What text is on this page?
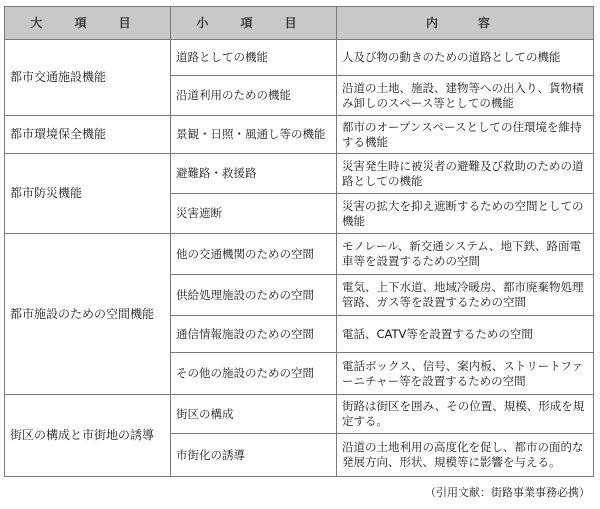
大 項 目	小 項 目	内　容
都市交通施設機能	道路としての機能	人及び物の動きのための道路としての機能
	沿道利用のための機能	沿道の土地、施設、建物等への出入り、貨物積み卸しのスペース等としての機能
都市環境保全機能	景観・日照・風通し等の機能	都市のオープンスペースとしての住環境を維持する機能
都市防災機能	避難路・救援路	災害発生時に被災者の避難及び救助のための道路としての機能
	災害遮断	災害の拡大を抑え遮断するための空間としての機能
都市施設のための空間機能	他の交通機関のための空間	モノレール、新交通システム、地下鉄、路面電車等を設置するための空間
	供給処理施設のための空間	電気、上下水道、地域冷暖房、都市廃棄物処理管路、ガス等を設置するための空間
	通信情報施設のための空間	電話、CATV等を設置するための空間
	その他の施設のための空間	電話ボックス、信号、案内板、ストリートファーニチャー等を設置するための空間
街区の構成と市街地の誘導	街区の構成	街路は街区を囲み、その位置、規模、形成を規定する。
	市街化の誘導	沿道の土地利用の高度化を促し、都市の面的な発展方向、形状、規模等に影響を与える。
（引用文献：街路事業事務必携）
